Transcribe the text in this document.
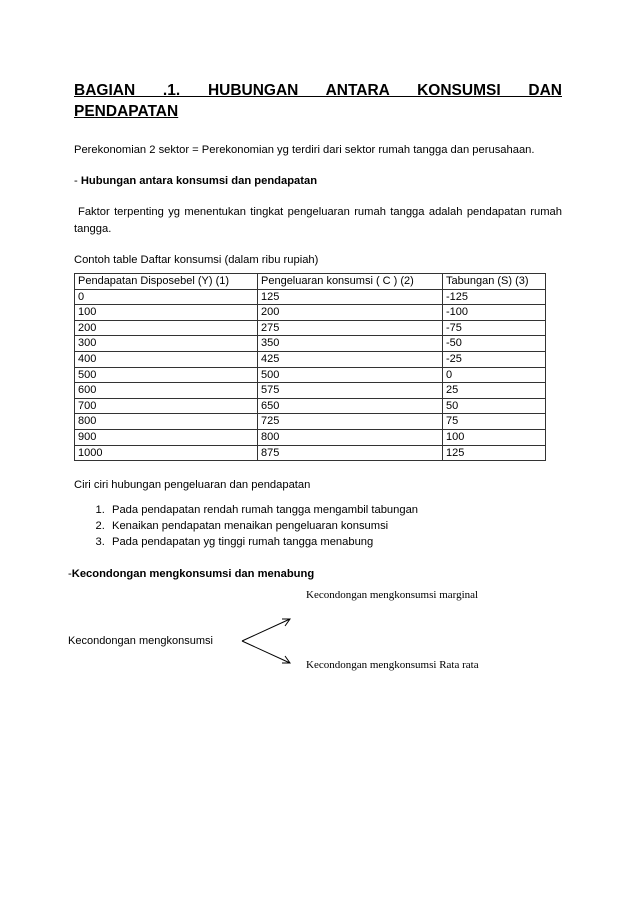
BAGIAN .1. HUBUNGAN ANTARA KONSUMSI DAN

PENDAPATAN

Perekonomian 2 sektor = Perekonomian yg terdiri dari sektor rumah tangga dan perusahaan.

- Hubungan antara konsumsi dan pendapatan

Faktor terpenting yg menentukan tingkat pengeluaran rumah tangga adalah pendapatan rumah tangga.

Contoh table Daftar konsumsi (dalam ribu rupiah)

Pendapatan Disposebel (Y) (1)	Pengeluaran konsumsi ( C ) (2)	Tabungan (S) (3)
0	125	-125
100	200	-100
200	275	-75
300	350	-50
400	425	-25
500	500	0
600	575	25
700	650	50
800	725	75
900	800	100
1000	875	125

Ciri ciri hubungan pengeluaran dan pendapatan

1. Pada pendapatan rendah rumah tangga mengambil tabungan
2. Kenaikan pendapatan menaikan pengeluaran konsumsi
3. Pada pendapatan yg tinggi rumah tangga menabung

-Kecondongan mengkonsumsi dan menabung

Kecondongan mengkonsumsi marginal
Kecondongan mengkonsumsi
Kecondongan mengkonsumsi Rata rata
